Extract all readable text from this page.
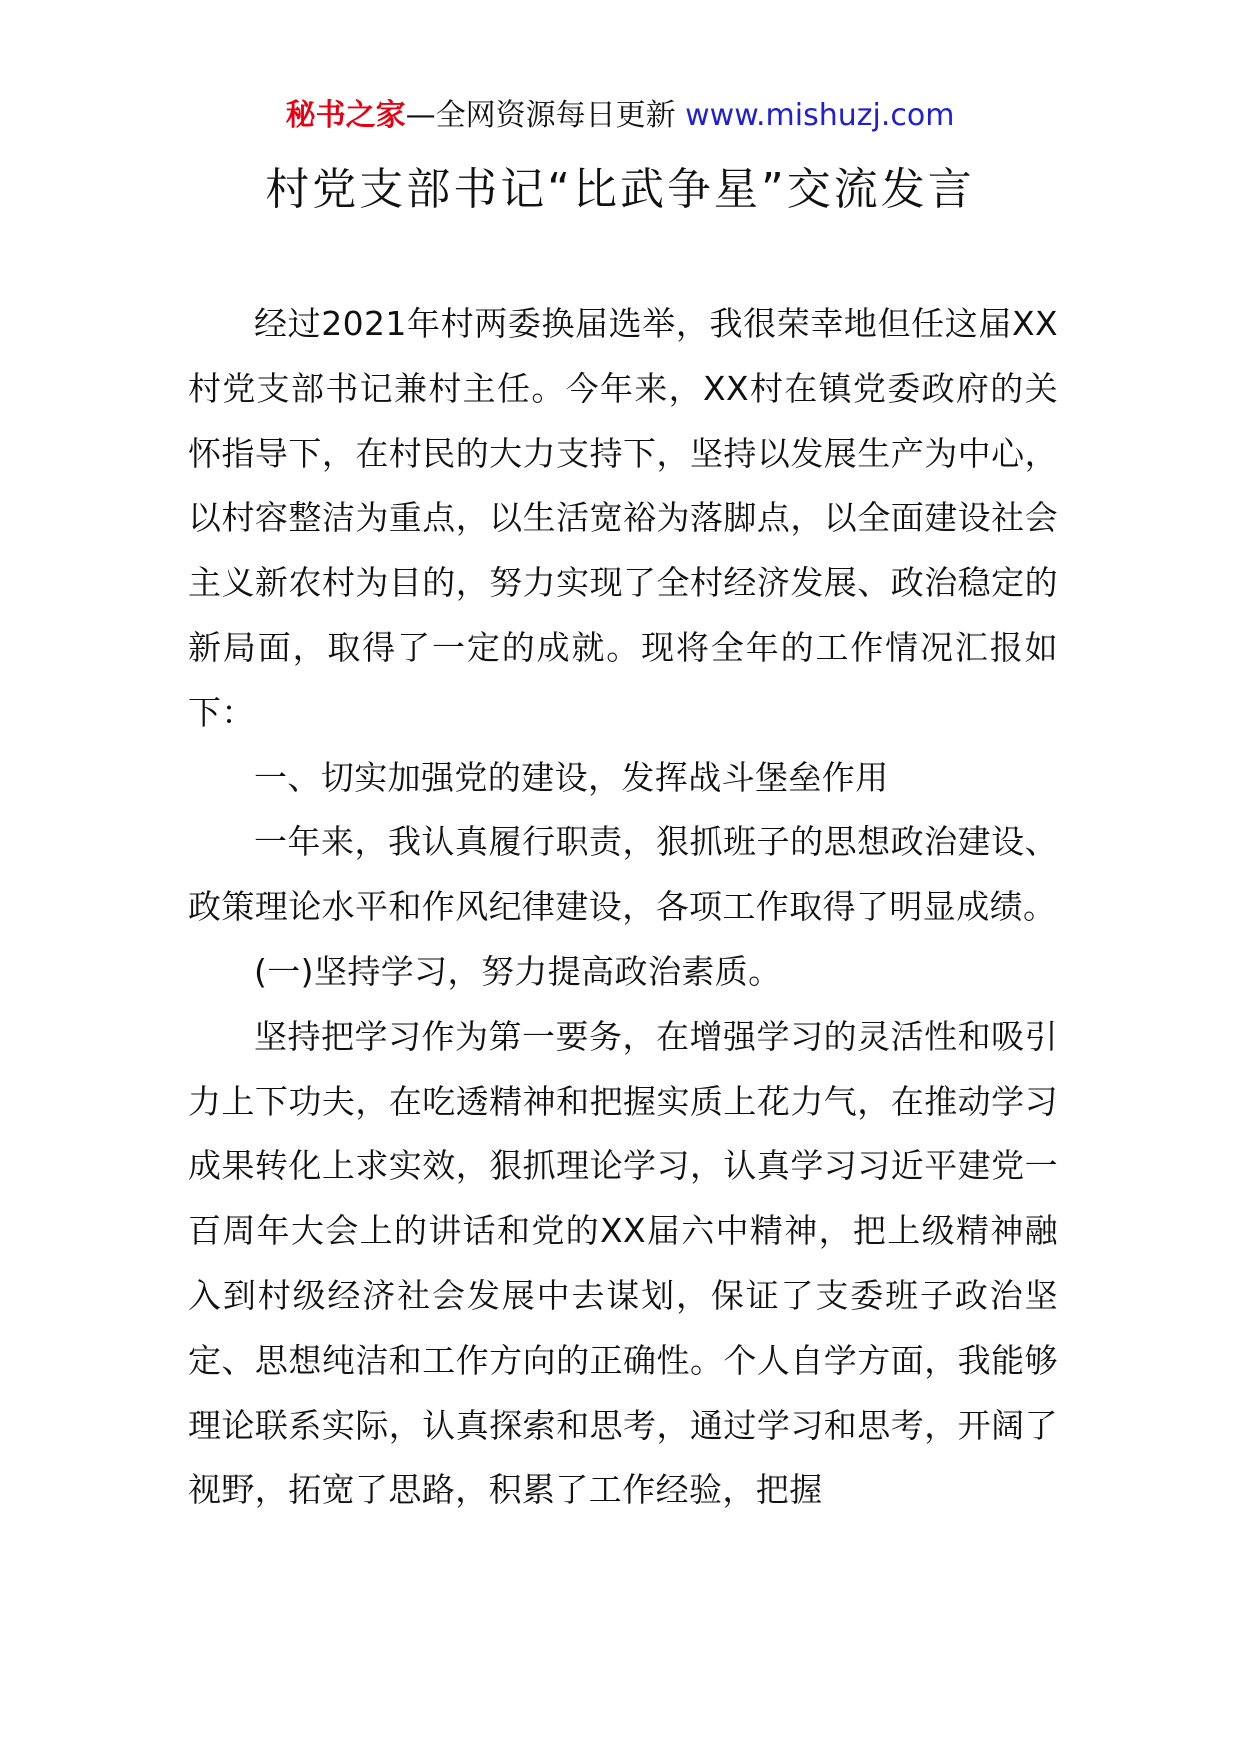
秘书之家—全网资源每日更新 www.mishuzj.com
村党支部书记“比武争星”交流发言

经过2021年村两委换届选举，我很荣幸地但任这届XX村党支部书记兼村主任。今年来，XX村在镇党委政府的关怀指导下，在村民的大力支持下，坚持以发展生产为中心，以村容整洁为重点，以生活宽裕为落脚点，以全面建设社会主义新农村为目的，努力实现了全村经济发展、政治稳定的新局面，取得了一定的成就。现将全年的工作情况汇报如下：

一、切实加强党的建设，发挥战斗堡垒作用

一年来，我认真履行职责，狠抓班子的思想政治建设、政策理论水平和作风纪律建设，各项工作取得了明显成绩。

(一)坚持学习，努力提高政治素质。

坚持把学习作为第一要务，在增强学习的灵活性和吸引力上下功夫，在吃透精神和把握实质上花力气，在推动学习成果转化上求实效，狠抓理论学习，认真学习习近平建党一百周年大会上的讲话和党的XX届六中精神，把上级精神融入到村级经济社会发展中去谋划，保证了支委班子政治坚定、思想纯洁和工作方向的正确性。个人自学方面，我能够理论联系实际，认真探索和思考，通过学习和思考，开阔了视野，拓宽了思路，积累了工作经验，把握
